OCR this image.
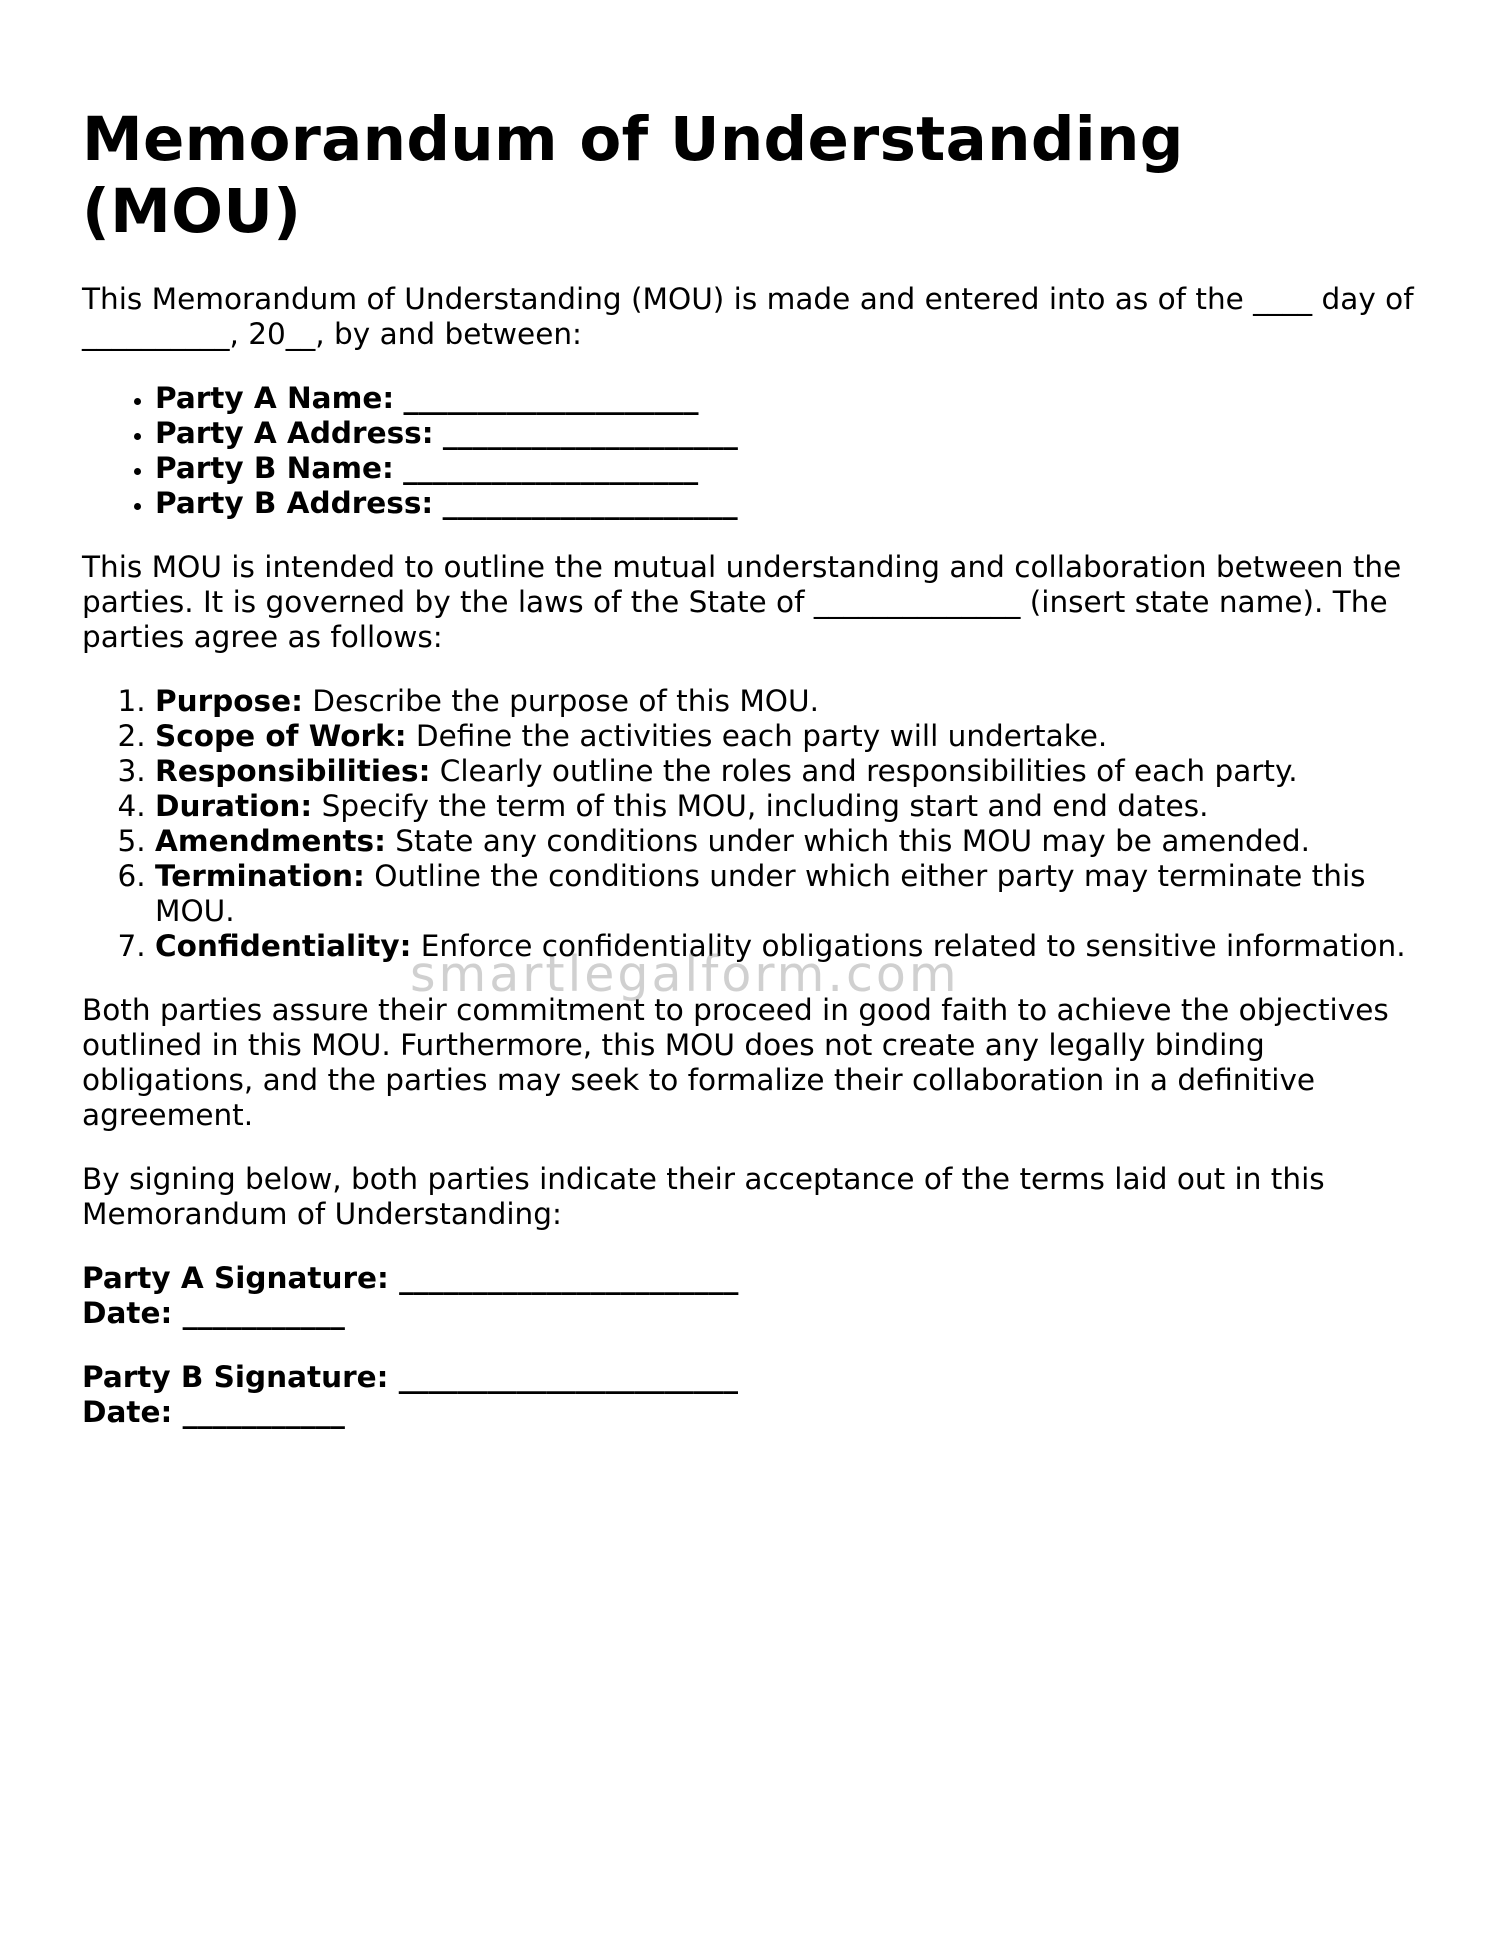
Memorandum of Understanding (MOU)

This Memorandum of Understanding (MOU) is made and entered into as of the ____ day of __________, 20__, by and between:

• Party A Name: ____________________
• Party A Address: ____________________
• Party B Name: ____________________
• Party B Address: ____________________

This MOU is intended to outline the mutual understanding and collaboration between the parties. It is governed by the laws of the State of ______________ (insert state name). The parties agree as follows:

1. Purpose: Describe the purpose of this MOU.
2. Scope of Work: Define the activities each party will undertake.
3. Responsibilities: Clearly outline the roles and responsibilities of each party.
4. Duration: Specify the term of this MOU, including start and end dates.
5. Amendments: State any conditions under which this MOU may be amended.
6. Termination: Outline the conditions under which either party may terminate this MOU.
7. Confidentiality: Enforce confidentiality obligations related to sensitive information.

Both parties assure their commitment to proceed in good faith to achieve the objectives outlined in this MOU. Furthermore, this MOU does not create any legally binding obligations, and the parties may seek to formalize their collaboration in a definitive agreement.

By signing below, both parties indicate their acceptance of the terms laid out in this Memorandum of Understanding:

Party A Signature: _______________________
Date: ___________
Party B Signature: _______________________
Date: ___________
smartlegalform.com
